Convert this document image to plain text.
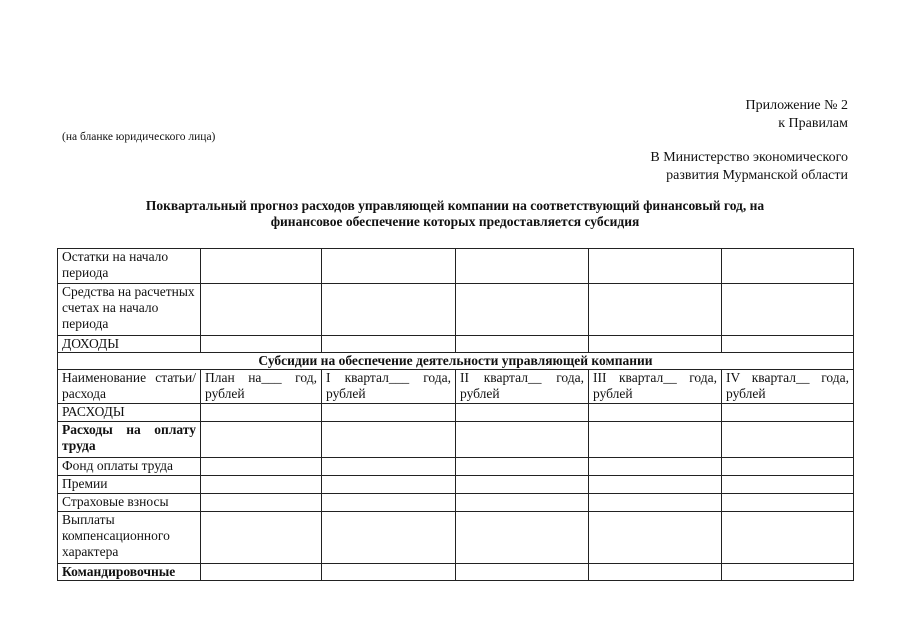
Приложение № 2
к Правилам
(на бланке юридического лица)
В Министерство экономического
развития Мурманской области
Поквартальный прогноз расходов управляющей компании на соответствующий финансовый год, на
финансовое обеспечение которых предоставляется субсидия
Остатки на начало периода					
Средства на расчетных счетах на начало периода					
ДОХОДЫ					
Субсидии на обеспечение деятельности управляющей компании					
Наименование статьи/расхода	План на___ год, рублей	I квартал___ года, рублей	II квартал__ года, рублей	III квартал__ года, рублей	IV квартал__ года, рублей
РАСХОДЫ					
Расходы на оплату труда					
Фонд оплаты труда					
Премии					
Страховые взносы					
Выплаты компенсационного характера					
Командировочные					
